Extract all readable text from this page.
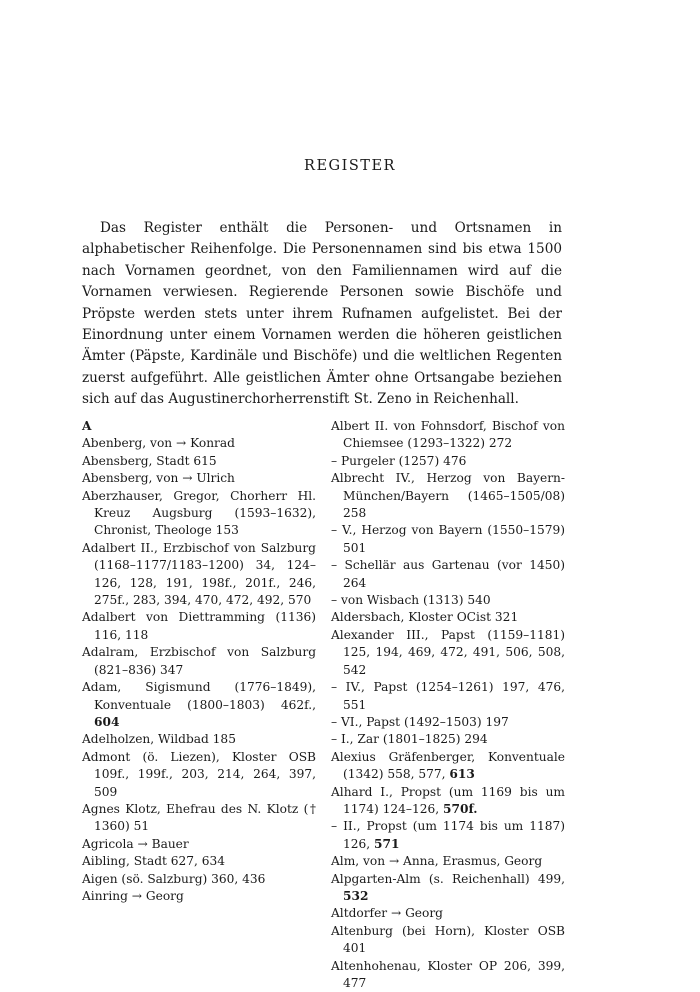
REGISTER

Das Register enthält die Personen- und Ortsnamen in alphabetischer Reihenfolge. Die Personennamen sind bis etwa 1500 nach Vornamen geordnet, von den Familiennamen wird auf die Vornamen verwiesen. Regierende Personen sowie Bischöfe und Pröpste werden stets unter ihrem Rufnamen aufgelistet. Bei der Einordnung unter einem Vornamen werden die höheren geistlichen Ämter (Päpste, Kardinäle und Bischöfe) und die weltlichen Regenten zuerst aufgeführt. Alle geistlichen Ämter ohne Ortsangabe beziehen sich auf das Augustinerchorherrenstift St. Zeno in Reichenhall.

A

Abenberg, von → Konrad

Abensberg, Stadt 615

Abensberg, von → Ulrich

Aberzhauser, Gregor, Chorherr Hl. Kreuz Augsburg (1593–1632), Chronist, Theologe 153

Adalbert II., Erzbischof von Salzburg (1168–1177/1183–1200) 34, 124–126, 128, 191, 198f., 201f., 246, 275f., 283, 394, 470, 472, 492, 570

Adalbert von Diettramming (1136) 116, 118

Adalram, Erzbischof von Salzburg (821–836) 347

Adam, Sigismund (1776–1849), Konventuale (1800–1803) 462f., 604

Adelholzen, Wildbad 185

Admont (ö. Liezen), Kloster OSB 109f., 199f., 203, 214, 264, 397, 509

Agnes Klotz, Ehefrau des N. Klotz († 1360) 51

Agricola → Bauer

Aibling, Stadt 627, 634

Aigen (sö. Salzburg) 360, 436

Ainring → Georg

Albert II. von Fohnsdorf, Bischof von Chiemsee (1293–1322) 272

– Purgeler (1257) 476

Albrecht IV., Herzog von Bayern-München/Bayern (1465–1505/08) 258

– V., Herzog von Bayern (1550–1579) 501

– Schellär aus Gartenau (vor 1450) 264

– von Wisbach (1313) 540

Aldersbach, Kloster OCist 321

Alexander III., Papst (1159–1181) 125, 194, 469, 472, 491, 506, 508, 542

– IV., Papst (1254–1261) 197, 476, 551

– VI., Papst (1492–1503) 197

– I., Zar (1801–1825) 294

Alexius Gräfenberger, Konventuale (1342) 558, 577, 613

Alhard I., Propst (um 1169 bis um 1174) 124–126, 570f.

– II., Propst (um 1174 bis um 1187) 126, 571

Alm, von → Anna, Erasmus, Georg

Alpgarten-Alm (s. Reichenhall) 499, 532

Altdorfer → Georg

Altenburg (bei Horn), Kloster OSB 401

Altenhohenau, Kloster OP 206, 399, 477
